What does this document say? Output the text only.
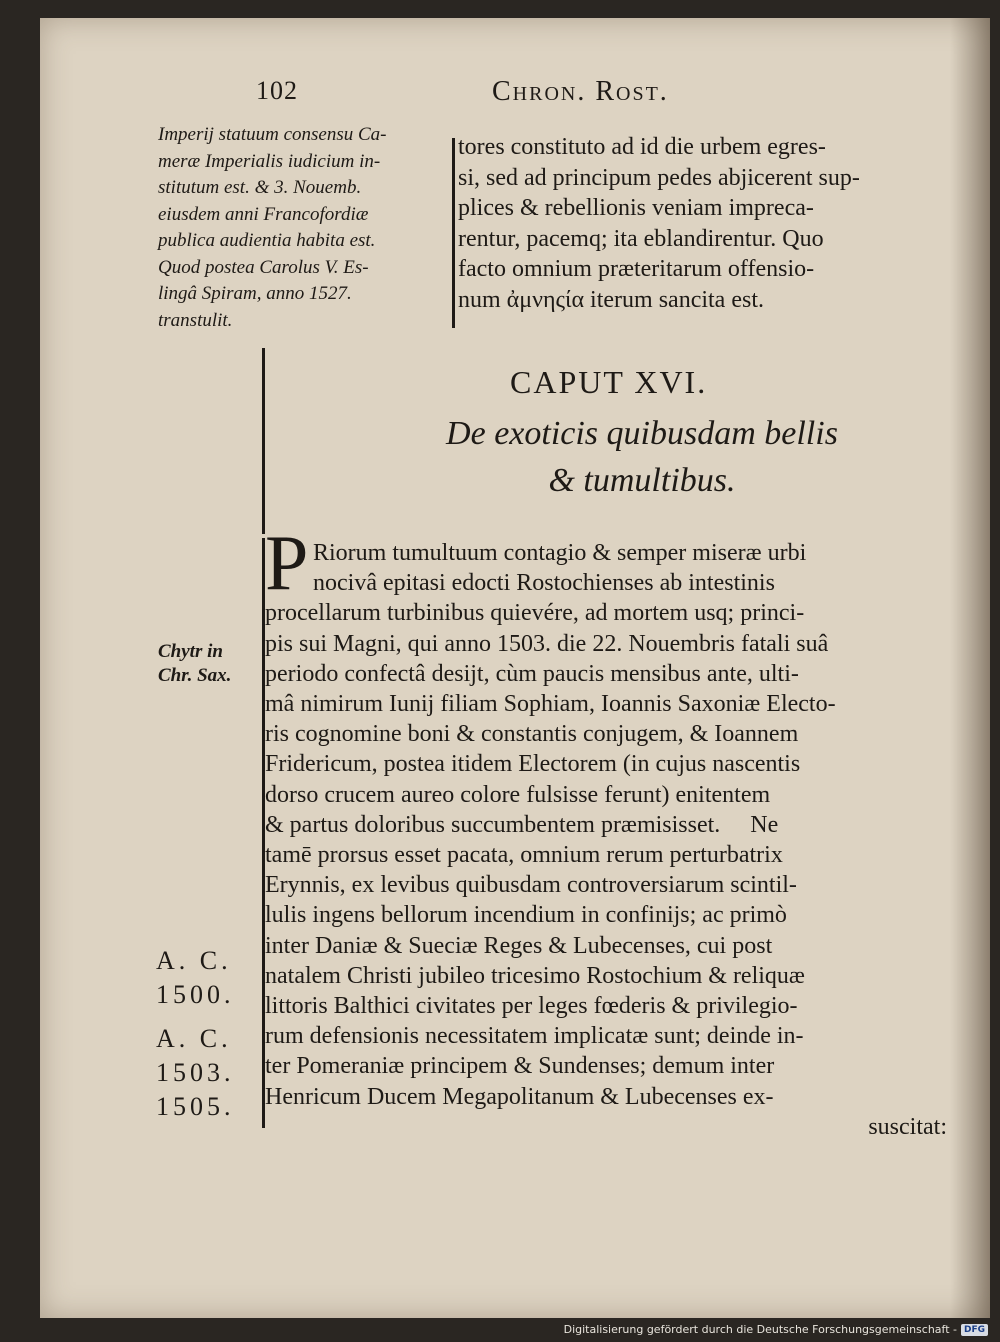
102	Chron. Rost.
Imperij statuum consensu Ca-
meræ Imperialis iudicium in-
stitutum est. & 3. Nouemb.
eiusdem anni Francofordiæ
publica audientia habita est.
Quod postea Carolus V. Es-
lingâ Spiram, anno 1527.
transtulit.
tores constituto ad id die urbem egres-
si, sed ad principum pedes abjicerent sup-
plices & rebellionis veniam impreca-
rentur, pacemq; ita eblandirentur. Quo
facto omnium præteritarum offensio-
num ἀμνηςία iterum sancita est.
CAPUT XVI.
De exoticis quibusdam bellis
& tumultibus.
P Riorum tumultuum contagio & semper miseræ urbi
nocivâ epitasi edocti Rostochienses ab intestinis
procellarum turbinibus quievére, ad mortem usq; princi-
pis sui Magni, qui anno 1503. die 22. Nouembris fatali suâ
periodo confectâ desijt, cùm paucis mensibus ante, ulti-
mâ nimirum Iunij filiam Sophiam, Ioannis Saxoniæ Electo-
ris cognomine boni & constantis conjugem, & Ioannem
Fridericum, postea itidem Electorem (in cujus nascentis
dorso crucem aureo colore fulsisse ferunt) enitentem
& partus doloribus succumbentem præmisisset.     Ne
tamē prorsus esset pacata, omnium rerum perturbatrix
Erynnis, ex levibus quibusdam controversiarum scintil-
lulis ingens bellorum incendium in confinijs; ac primò
inter Daniæ & Sueciæ Reges & Lubecenses, cui post
natalem Christi jubileo tricesimo Rostochium & reliquæ
littoris Balthici civitates per leges fœderis & privilegio-
rum defensionis necessitatem implicatæ sunt; deinde in-
ter Pomeraniæ principem & Sundenses; demum inter
Henricum Ducem Megapolitanum & Lubecenses ex-
suscitat:
Chytr in
Chr. Sax.
A. C.
1500.
A. C.
1503.
1505.
Digitalisierung gefördert durch die Deutsche Forschungsgemeinschaft - DFG
